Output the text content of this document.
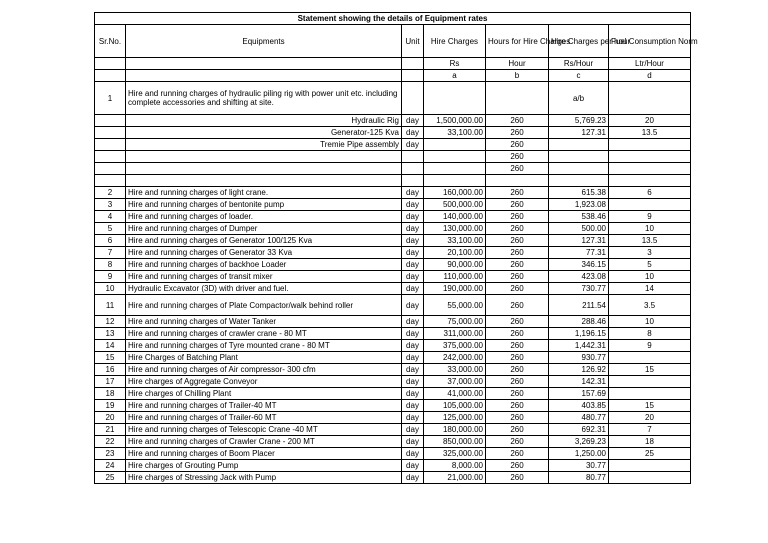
Statement showing the details of Equipment rates						
Sr.No.	Equipments	Unit	Hire Charges	Hours for Hire Charges	Hire Charges per hour	Fuel Consumption Norm
			Rs	Hour	Rs/Hour	Ltr/Hour
			a	b	c	d
1	Hire and running charges of hydraulic piling rig with power unit etc. including complete accessories and shifting at site.				a/b	
	Hydraulic Rig	day	1,500,000.00	260	5,769.23	20
	Generator-125 Kva	day	33,100.00	260	127.31	13.5
	Tremie Pipe assembly	day		260		
				260		
				260		

2	Hire and running charges of light crane.	day	160,000.00	260	615.38	6
3	Hire and running charges of bentonite pump	day	500,000.00	260	1,923.08	
4	Hire and running charges of loader.	day	140,000.00	260	538.46	9
5	Hire and running charges of Dumper	day	130,000.00	260	500.00	10
6	Hire and running charges of Generator 100/125 Kva	day	33,100.00	260	127.31	13.5
7	Hire and running charges of Generator 33 Kva	day	20,100.00	260	77.31	3
8	Hire and running charges of backhoe Loader	day	90,000.00	260	346.15	5
9	Hire and running charges of transit mixer	day	110,000.00	260	423.08	10
10	Hydraulic Excavator (3D) with driver and fuel.	day	190,000.00	260	730.77	14
11	Hire and running charges of Plate Compactor/walk behind roller	day	55,000.00	260	211.54	3.5
12	Hire and running charges of Water Tanker	day	75,000.00	260	288.46	10
13	Hire and running charges of crawler crane - 80 MT	day	311,000.00	260	1,196.15	8
14	Hire and running charges of Tyre mounted crane - 80 MT	day	375,000.00	260	1,442.31	9
15	Hire Charges of Batching Plant	day	242,000.00	260	930.77	
16	Hire and running charges of Air compressor- 300 cfm	day	33,000.00	260	126.92	15
17	Hire charges of Aggregate Conveyor	day	37,000.00	260	142.31	
18	Hire charges of Chilling Plant	day	41,000.00	260	157.69	
19	Hire and running charges of Trailer-40 MT	day	105,000.00	260	403.85	15
20	Hire and running charges of Trailer-60 MT	day	125,000.00	260	480.77	20
21	Hire and running charges of Telescopic Crane -40 MT	day	180,000.00	260	692.31	7
22	Hire and running charges of Crawler Crane - 200 MT	day	850,000.00	260	3,269.23	18
23	Hire and running charges of Boom Placer	day	325,000.00	260	1,250.00	25
24	Hire charges of Grouting Pump	day	8,000.00	260	30.77	
25	Hire charges of Stressing Jack with Pump	day	21,000.00	260	80.77	
